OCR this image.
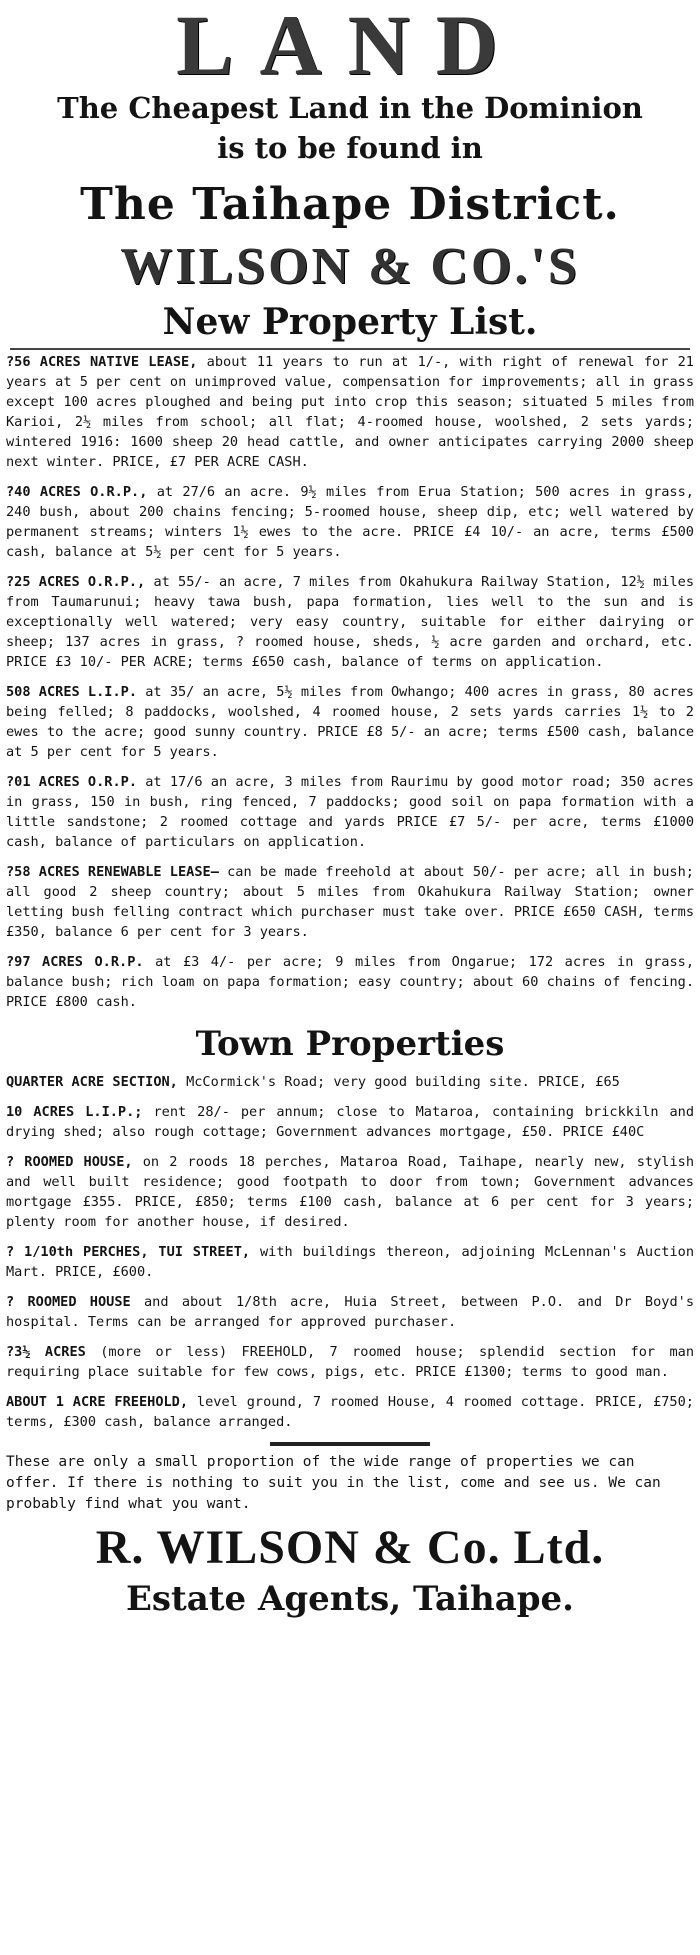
LAND

The Cheapest Land in the Dominion

is to be found in

The Taihape District.

WILSON & CO.'S

New Property List.

?56 ACRES NATIVE LEASE, about 11 years to run at 1/-, with right of renewal for 21 years at 5 per cent on unimproved value, compensation for improvements; all in grass except 100 acres ploughed and being put into crop this season; situated 5 miles from Karioi, 2½ miles from school; all flat; 4-roomed house, woolshed, 2 sets yards; wintered 1916: 1600 sheep 20 head cattle, and owner anticipates carrying 2000 sheep next winter. PRICE, £7 PER ACRE CASH.

?40 ACRES O.R.P., at 27/6 an acre. 9½ miles from Erua Station; 500 acres in grass, 240 bush, about 200 chains fencing; 5-roomed house, sheep dip, etc; well watered by permanent streams; winters 1½ ewes to the acre. PRICE £4 10/- an acre, terms £500 cash, balance at 5½ per cent for 5 years.

?25 ACRES O.R.P., at 55/- an acre, 7 miles from Okahukura Railway Station, 12½ miles from Taumarunui; heavy tawa bush, papa formation, lies well to the sun and is exceptionally well watered; very easy country, suitable for either dairying or sheep; 137 acres in grass, ? roomed house, sheds, ½ acre garden and orchard, etc. PRICE £3 10/- PER ACRE; terms £650 cash, balance of terms on application.

508 ACRES L.I.P. at 35/ an acre, 5½ miles from Owhango; 400 acres in grass, 80 acres being felled; 8 paddocks, woolshed, 4 roomed house, 2 sets yards carries 1½ to 2 ewes to the acre; good sunny country. PRICE £8 5/- an acre; terms £500 cash, balance at 5 per cent for 5 years.

?01 ACRES O.R.P. at 17/6 an acre, 3 miles from Raurimu by good motor road; 350 acres in grass, 150 in bush, ring fenced, 7 paddocks; good soil on papa formation with a little sandstone; 2 roomed cottage and yards PRICE £7 5/- per acre, terms £1000 cash, balance of particulars on application.

?58 ACRES RENEWABLE LEASE— can be made freehold at about 50/- per acre; all in bush; all good 2 sheep country; about 5 miles from Okahukura Railway Station; owner letting bush felling contract which purchaser must take over. PRICE £650 CASH, terms £350, balance 6 per cent for 3 years.

?97 ACRES O.R.P. at £3 4/- per acre; 9 miles from Ongarue; 172 acres in grass, balance bush; rich loam on papa formation; easy country; about 60 chains of fencing. PRICE £800 cash.

Town Properties

QUARTER ACRE SECTION, McCormick's Road; very good building site. PRICE, £65

10 ACRES L.I.P.; rent 28/- per annum; close to Mataroa, containing brickkiln and drying shed; also rough cottage; Government advances mortgage, £50. PRICE £40C

? ROOMED HOUSE, on 2 roods 18 perches, Mataroa Road, Taihape, nearly new, stylish and well built residence; good footpath to door from town; Government advances mortgage £355. PRICE, £850; terms £100 cash, balance at 6 per cent for 3 years; plenty room for another house, if desired.

? 1/10th PERCHES, TUI STREET, with buildings thereon, adjoining McLennan's Auction Mart. PRICE, £600.

? ROOMED HOUSE and about 1/8th acre, Huia Street, between P.O. and Dr Boyd's hospital. Terms can be arranged for approved purchaser.

?3½ ACRES (more or less) FREEHOLD, 7 roomed house; splendid section for man requiring place suitable for few cows, pigs, etc. PRICE £1300; terms to good man.

ABOUT 1 ACRE FREEHOLD, level ground, 7 roomed House, 4 roomed cottage. PRICE, £750; terms, £300 cash, balance arranged.

These are only a small proportion of the wide range of properties we can offer. If there is nothing to suit you in the list, come and see us. We can probably find what you want.

R. WILSON & Co. Ltd.

Estate Agents, Taihape.
